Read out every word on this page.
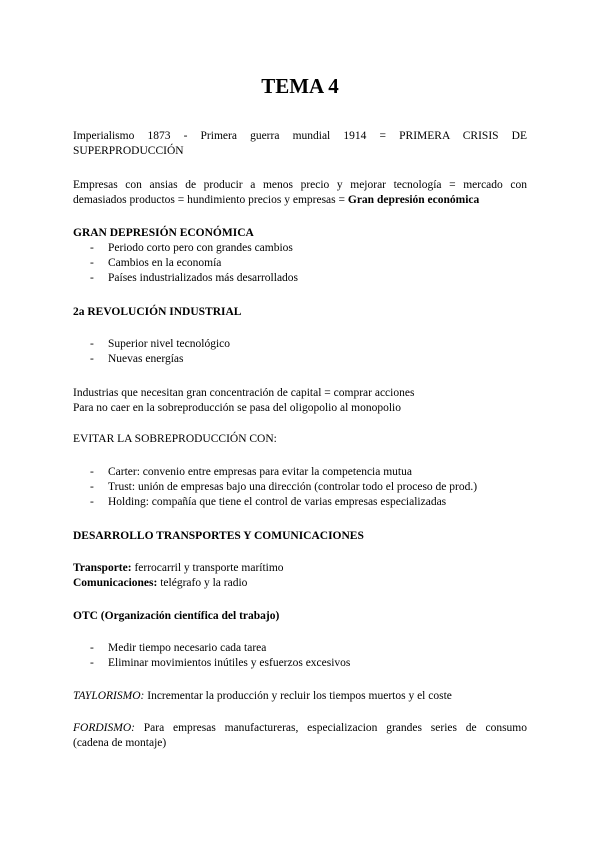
TEMA 4
Imperialismo 1873 - Primera guerra mundial 1914 = PRIMERA CRISIS DE
SUPERPRODUCCIÓN
Empresas con ansias de producir a menos precio y mejorar tecnología = mercado con
demasiados productos = hundimiento precios y empresas = Gran depresión económica
GRAN DEPRESIÓN ECONÓMICA
- Periodo corto pero con grandes cambios
- Cambios en la economía
- Países industrializados más desarrollados
2a REVOLUCIÓN INDUSTRIAL
- Superior nivel tecnológico
- Nuevas energías
Industrias que necesitan gran concentración de capital = comprar acciones
Para no caer en la sobreproducción se pasa del oligopolio al monopolio
EVITAR LA SOBREPRODUCCIÓN CON:
- Carter: convenio entre empresas para evitar la competencia mutua
- Trust: unión de empresas bajo una dirección (controlar todo el proceso de prod.)
- Holding: compañía que tiene el control de varias empresas especializadas
DESARROLLO TRANSPORTES Y COMUNICACIONES
Transporte: ferrocarril y transporte marítimo
Comunicaciones: telégrafo y la radio
OTC (Organización científica del trabajo)
- Medir tiempo necesario cada tarea
- Eliminar movimientos inútiles y esfuerzos excesivos
TAYLORISMO: Incrementar la producción y recluir los tiempos muertos y el coste
FORDISMO: Para empresas manufactureras, especializacion grandes series de consumo
(cadena de montaje)
